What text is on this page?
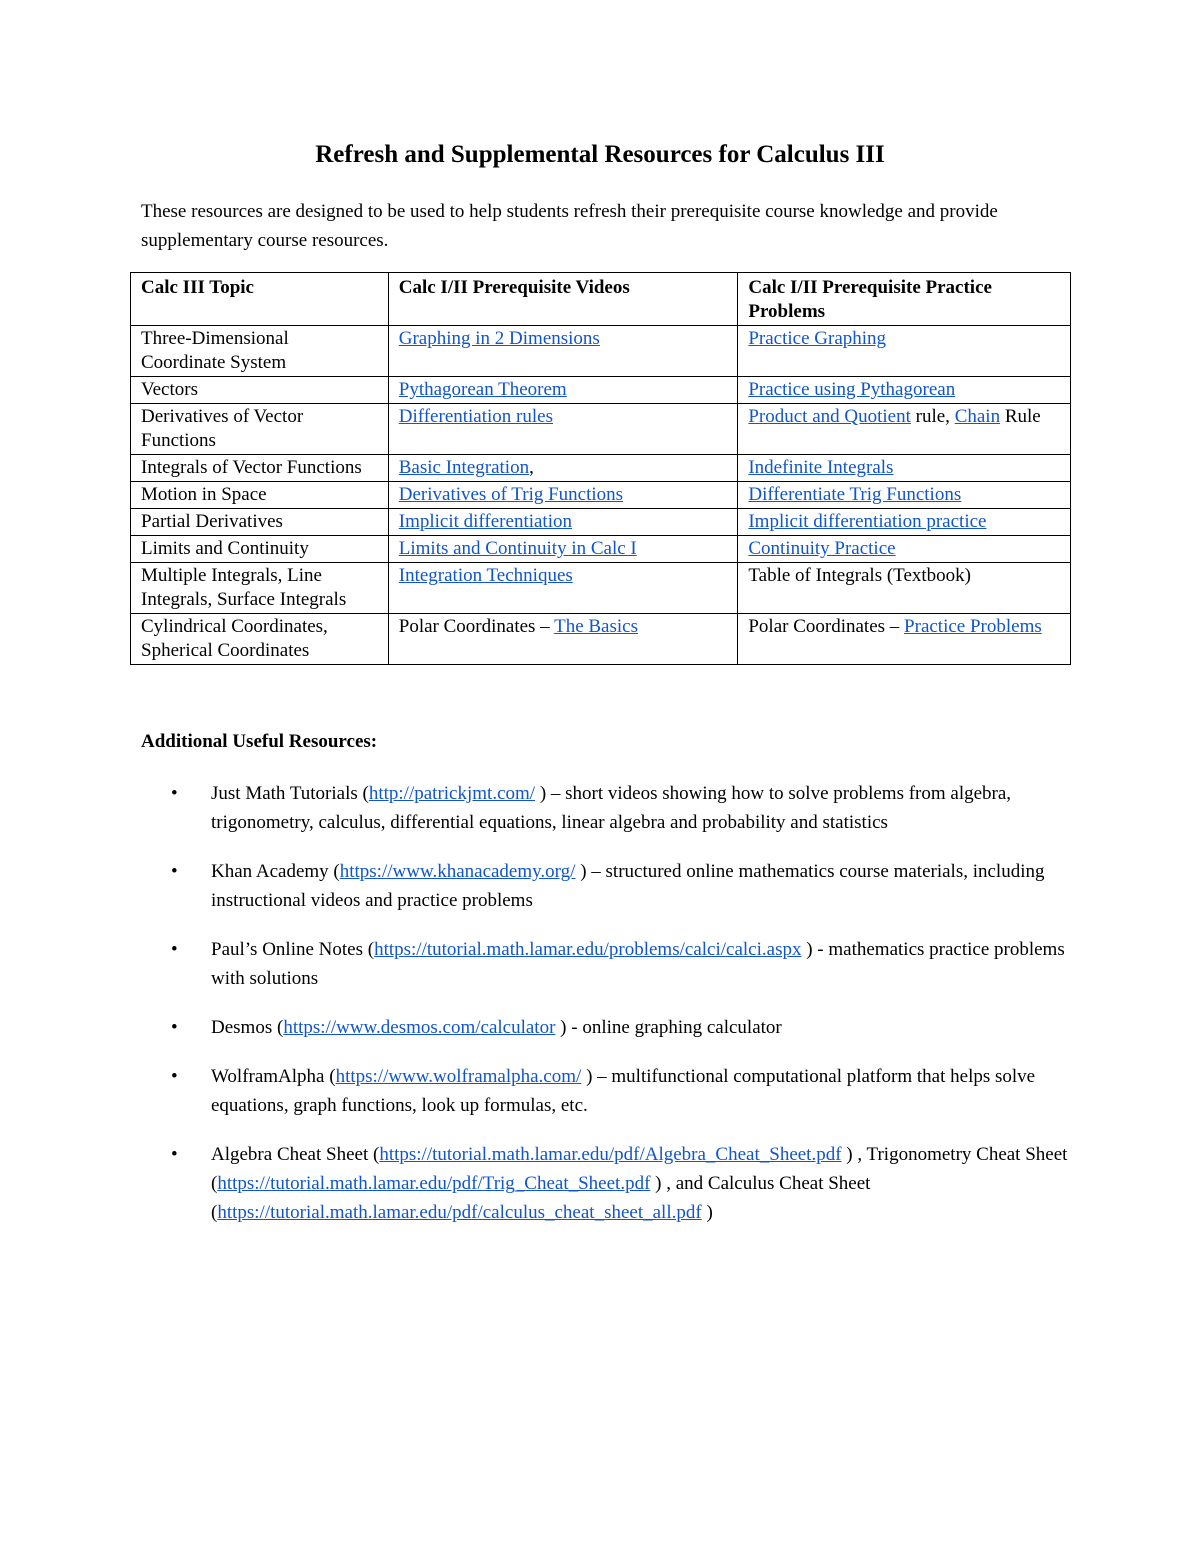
Refresh and Supplemental Resources for Calculus III

These resources are designed to be used to help students refresh their prerequisite course knowledge and provide supplementary course resources.

Calc III Topic	Calc I/II Prerequisite Videos	Calc I/II Prerequisite Practice Problems
Three-Dimensional Coordinate System	Graphing in 2 Dimensions	Practice Graphing
Vectors	Pythagorean Theorem	Practice using Pythagorean
Derivatives of Vector Functions	Differentiation rules	Product and Quotient rule, Chain Rule
Integrals of Vector Functions	Basic Integration,	Indefinite Integrals
Motion in Space	Derivatives of Trig Functions	Differentiate Trig Functions
Partial Derivatives	Implicit differentiation	Implicit differentiation practice
Limits and Continuity	Limits and Continuity in Calc I	Continuity Practice
Multiple Integrals, Line Integrals, Surface Integrals	Integration Techniques	Table of Integrals (Textbook)
Cylindrical Coordinates, Spherical Coordinates	Polar Coordinates – The Basics	Polar Coordinates – Practice Problems

Additional Useful Resources:

• Just Math Tutorials (http://patrickjmt.com/ ) – short videos showing how to solve problems from algebra, trigonometry, calculus, differential equations, linear algebra and probability and statistics
• Khan Academy (https://www.khanacademy.org/ ) – structured online mathematics course materials, including instructional videos and practice problems
• Paul’s Online Notes (https://tutorial.math.lamar.edu/problems/calci/calci.aspx ) - mathematics practice problems with solutions
• Desmos (https://www.desmos.com/calculator ) - online graphing calculator
• WolframAlpha (https://www.wolframalpha.com/ ) – multifunctional computational platform that helps solve equations, graph functions, look up formulas, etc.
• Algebra Cheat Sheet (https://tutorial.math.lamar.edu/pdf/Algebra_Cheat_Sheet.pdf ) , Trigonometry Cheat Sheet (https://tutorial.math.lamar.edu/pdf/Trig_Cheat_Sheet.pdf ) , and Calculus Cheat Sheet (https://tutorial.math.lamar.edu/pdf/calculus_cheat_sheet_all.pdf )
